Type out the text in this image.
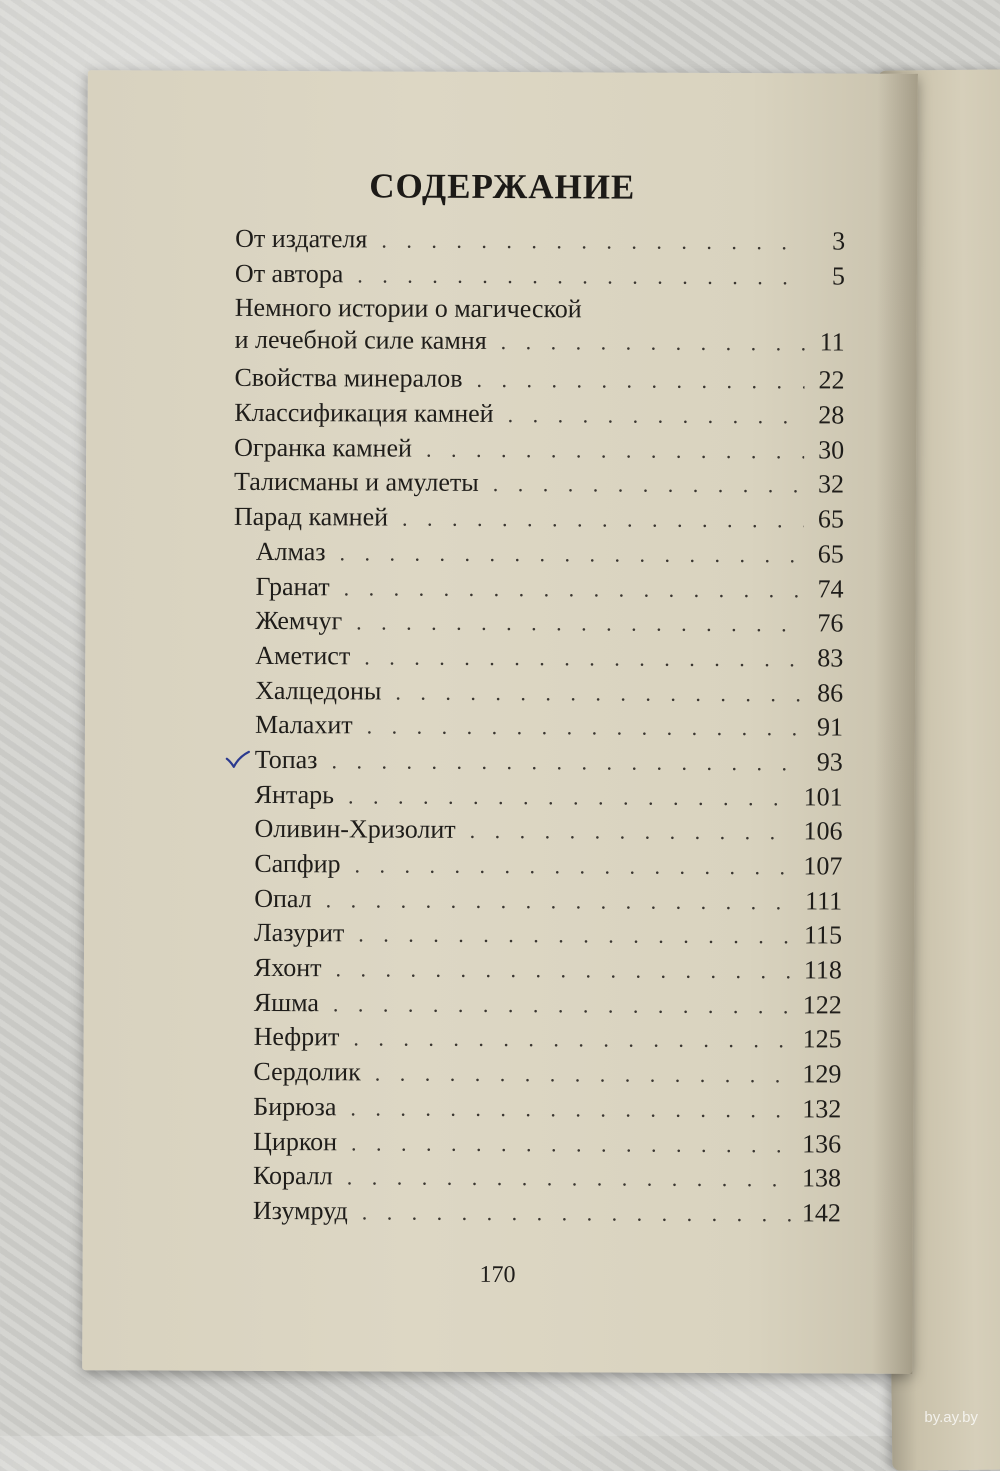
СОДЕРЖАНИЕ
От издателя . . .	3
От автора . . .	5
Немного истории о магической
и лечебной силе камня . . .	11
Свойства минералов . . .	22
Классификация камней . . .	28
Огранка камней . . .	30
Талисманы и амулеты . . .	32
Парад камней . . .	65
Алмаз . . .	65
Гранат . . .	74
Жемчуг . . .	76
Аметист . . .	83
Халцедоны . . .	86
Малахит . . .	91
Топаз . . .	93
Янтарь . . .	101
Оливин-Хризолит . . .	106
Сапфир . . .	107
Опал . . .	111
Лазурит . . .	115
Яхонт . . .	118
Яшма . . .	122
Нефрит . . .	125
Сердолик . . .	129
Бирюза . . .	132
Циркон . . .	136
Коралл . . .	138
Изумруд . . .	142
170
by.ay.by
